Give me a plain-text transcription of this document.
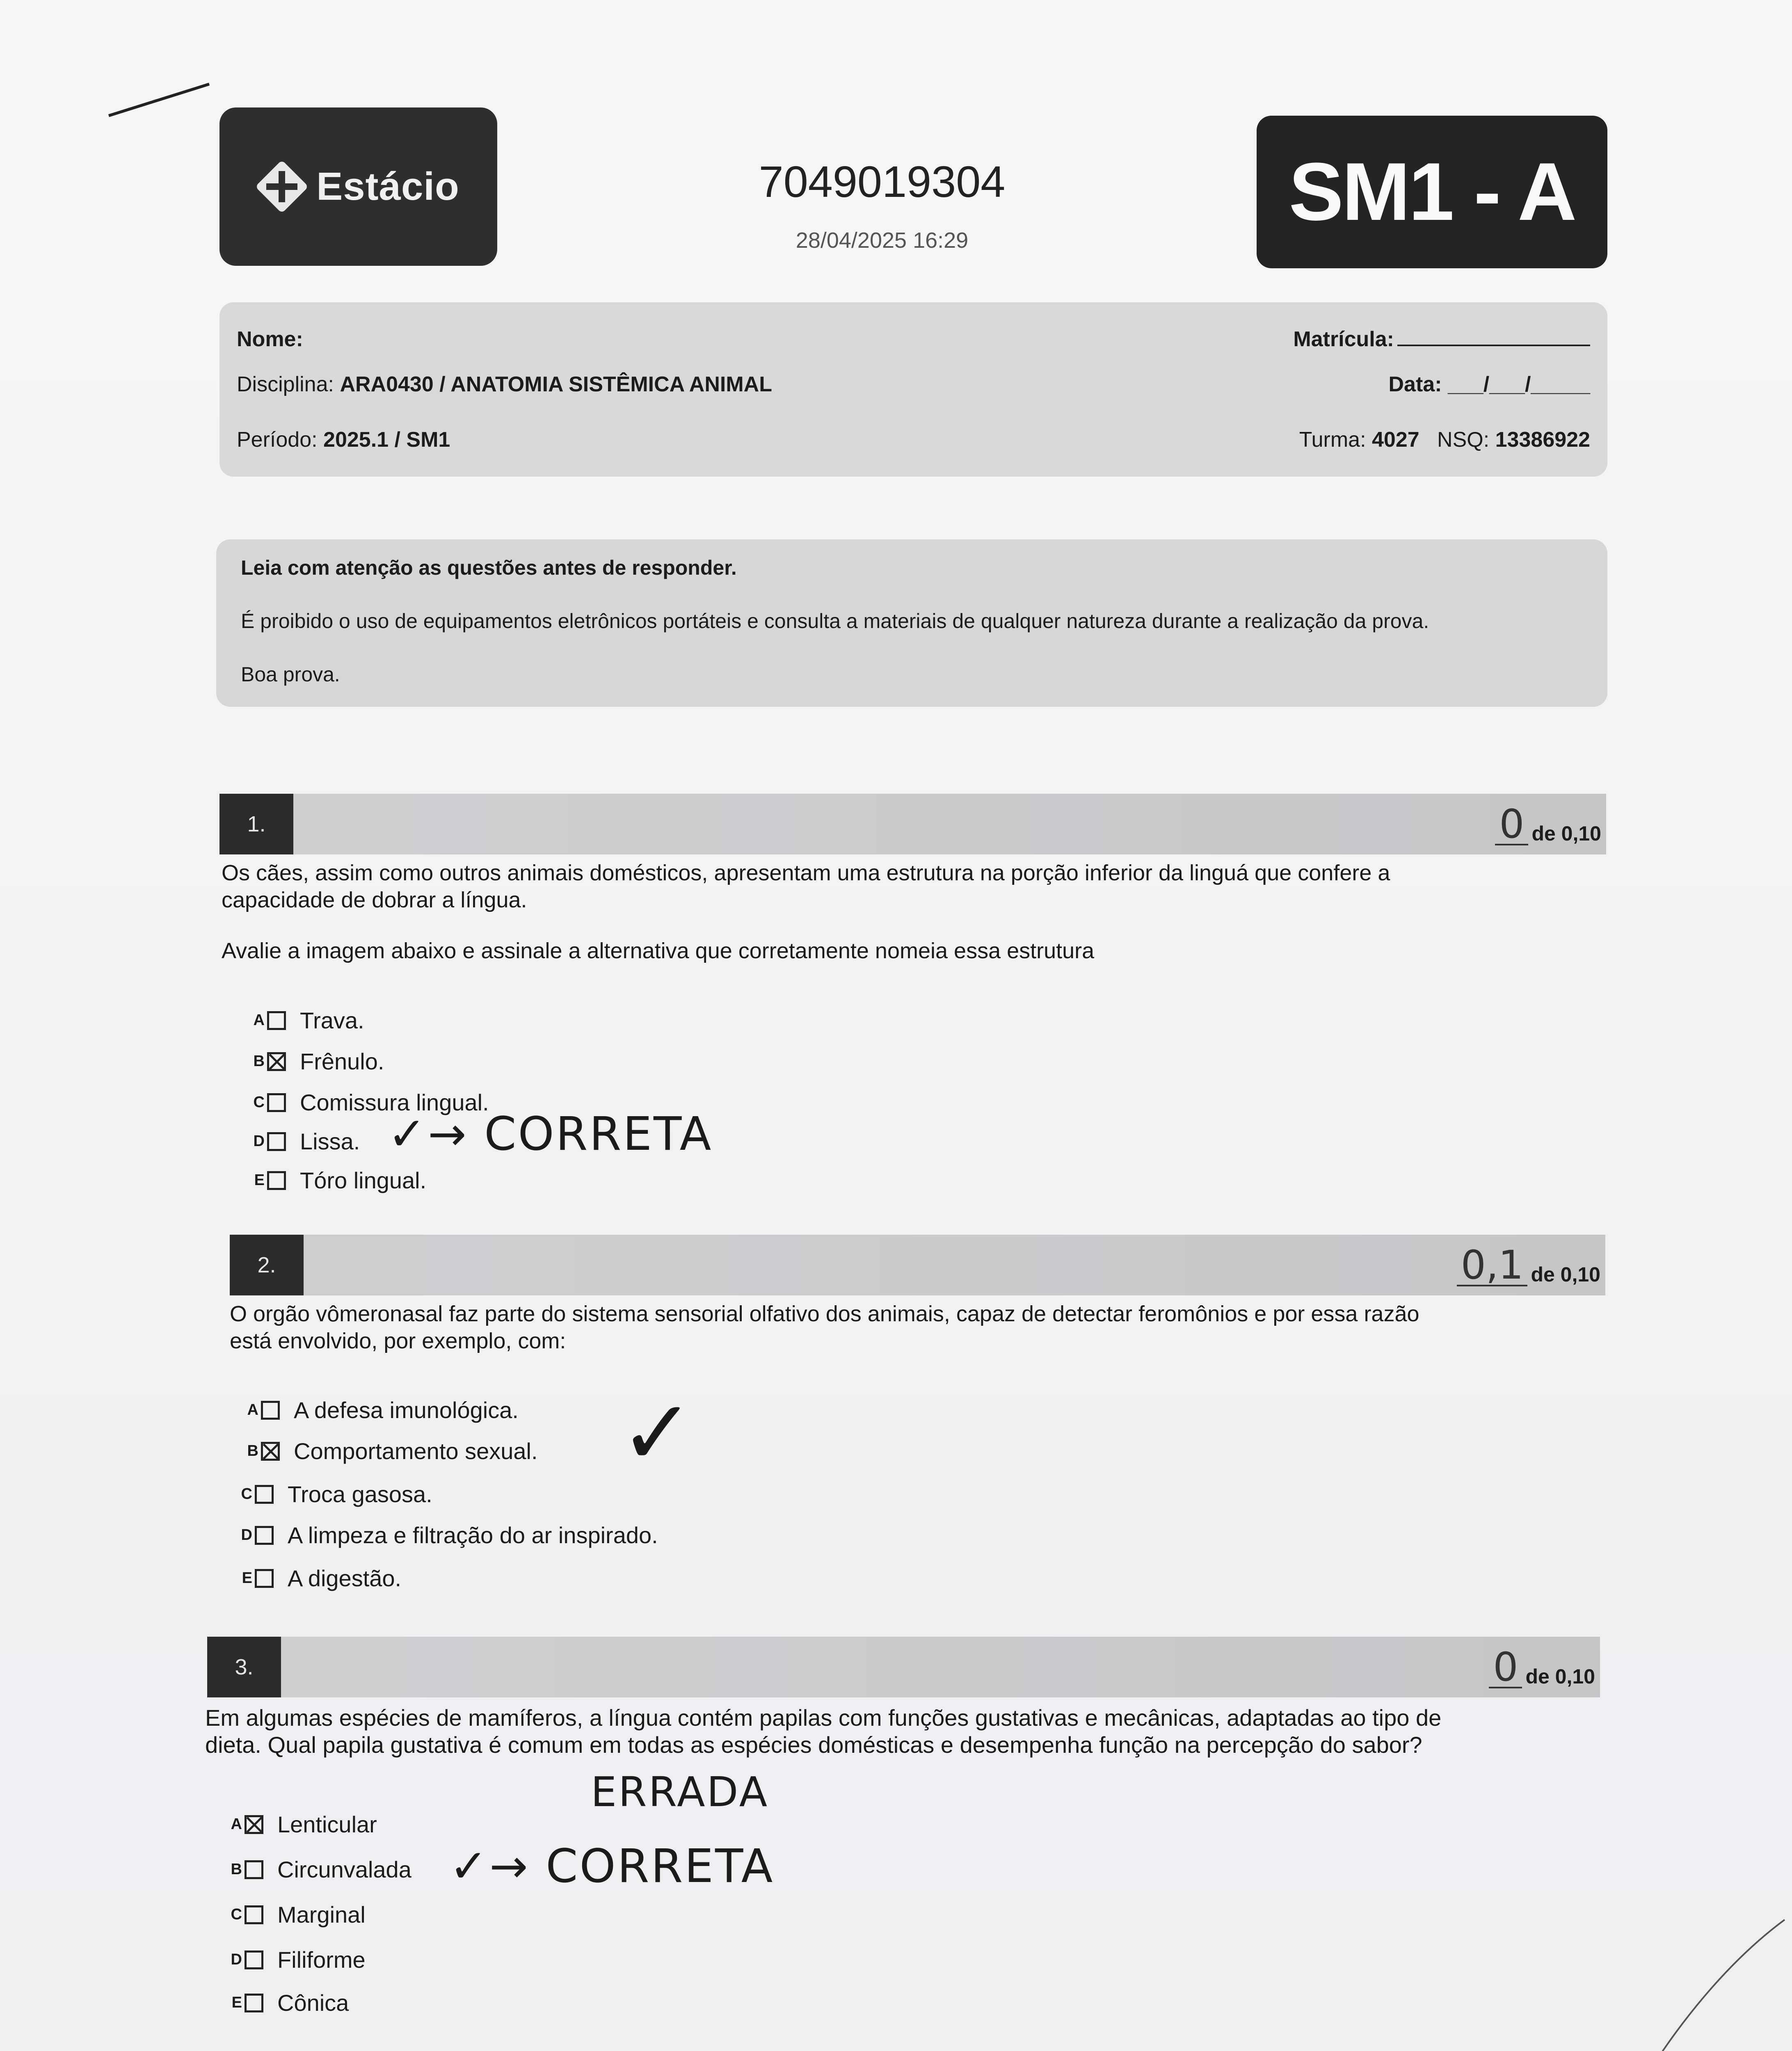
Estácio	7049019304
28/04/2025 16:29
SM1 - A
Nome:	Matrícula:
Disciplina: ARA0430 / ANATOMIA SISTÊMICA ANIMAL	Data: ___/___/_____
Período: 2025.1 / SM1	Turma: 4027 NSQ: 13386922

Leia com atenção as questões antes de responder.

É proibido o uso de equipamentos eletrônicos portáteis e consulta a materiais de qualquer natureza durante a realização da prova.

Boa prova.

1.	0 de 0,10
Os cães, assim como outros animais domésticos, apresentam uma estrutura na porção inferior da linguá que confere a
capacidade de dobrar a língua.
Avalie a imagem abaixo e assinale a alternativa que corretamente nomeia essa estrutura
A Trava.
B Frênulo.
C Comissura lingual.
D Lissa.
E Tóro lingual.
✓→ CORRETA
2.	0,1 de 0,10
O orgão vômeronasal faz parte do sistema sensorial olfativo dos animais, capaz de detectar feromônios e por essa razão
está envolvido, por exemplo, com:
A A defesa imunológica.
B Comportamento sexual.
C Troca gasosa.
D A limpeza e filtração do ar inspirado.
E A digestão.
✓
3.	0 de 0,10
Em algumas espécies de mamíferos, a língua contém papilas com funções gustativas e mecânicas, adaptadas ao tipo de
dieta. Qual papila gustativa é comum em todas as espécies domésticas e desempenha função na percepção do sabor?
A Lenticular
B Circunvalada
C Marginal
D Filiforme
E Cônica
ERRADA
✓→ CORRETA
